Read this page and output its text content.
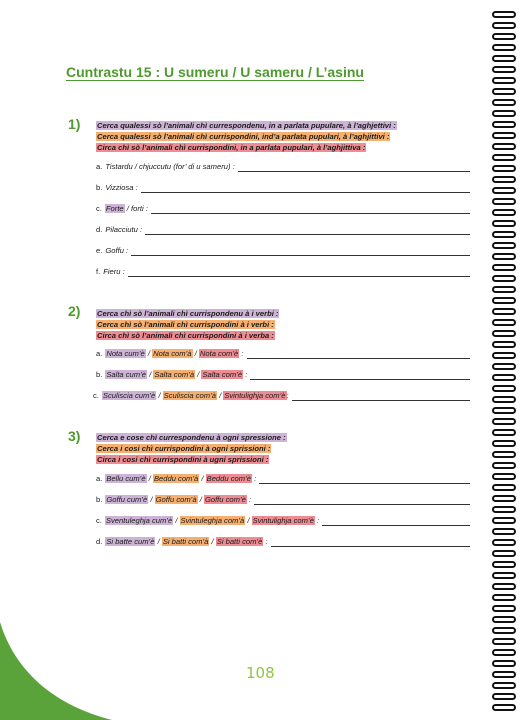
Cuntrastu 15 : U sumeru / U sameru / L’asinu
1) Cerca qualessi sò l’animali chì currespondenu, in a parlata pupulare, à l’aghjettivi :
Cerca qualessi sò l’animali chì currispondini, ind’a parlata pupulari, à l’aghjittivi :
Circa chì sò l’animali chì currispondini, in a parlata pupulari, à l’aghjittiva :
a. Tistardu / chjuccutu (for’ di u sameru) :
b. Vizziosa :
c. Forte / forti :
d. Pilacciutu :
e. Goffu :
f. Fieru :
2) Cerca chì sò l’animali chì currispondenu à i verbi :
Cerca chì sò l’animali chì currispondini à i verbi :
Circa chì sò l’animali chì currispondini à i verba :
a. Nota cum’è / Nota com’à / Nota com’è :
b. Salta cum’è / Salta com’à / Salta com’è :
c. Sculiscia cum’è / Sculiscia com’à / Svintulighja com’è:
3) Cerca e cose chì currespondenu à ogni spressione :
Cerca i cosi chì currispondini à ogni sprissioni :
Circa i cosi chì currispondini à ugni sprissioni :
a. Bellu cum’è / Beddu com’à / Beddu com’è :
b. Goffu cum’è / Goffu com’à / Goffu com’è :
c. Sventuleghja cum’è / Svintuleghja com’à / Svintulighja com’è :
d. Si batte cum’è / Si batti com’à / Si batti com’è :
108
